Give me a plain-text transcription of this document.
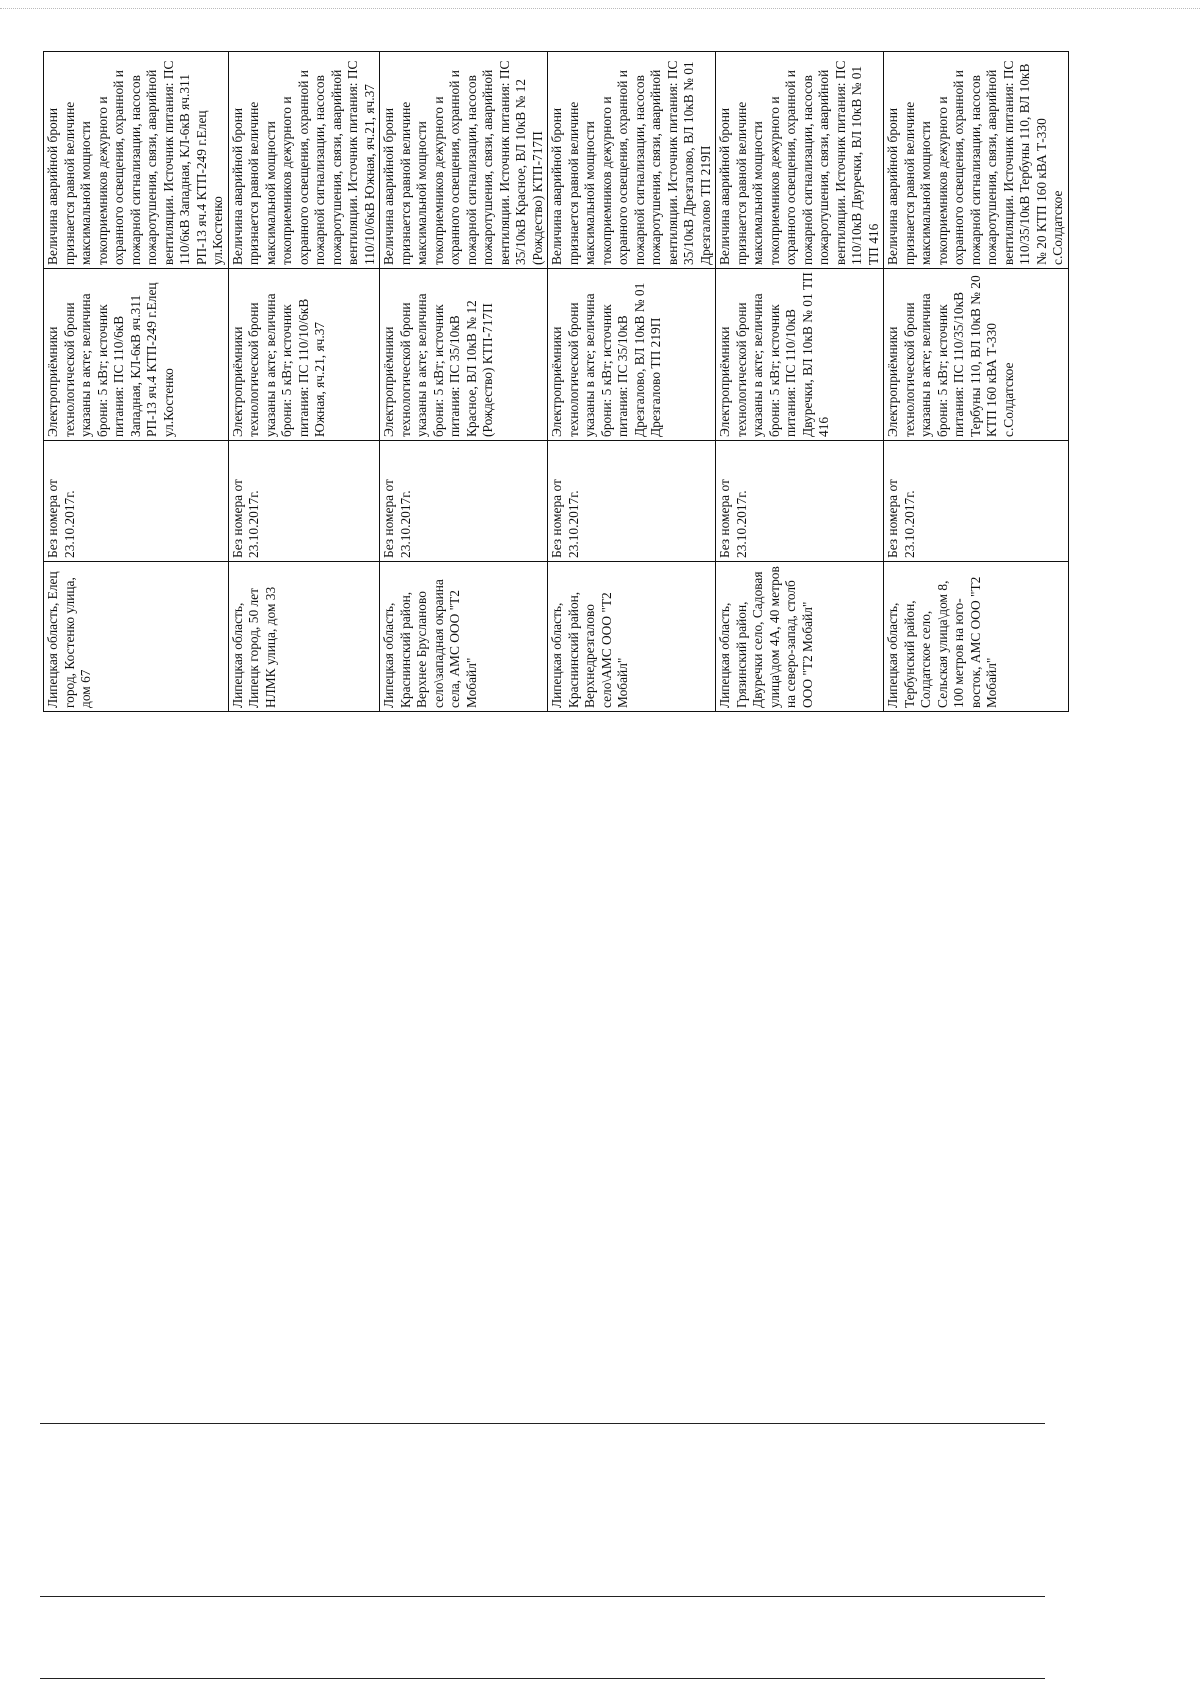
Липецкая область, Елец город, Костенко улица, дом 67	Без номера от 23.10.2017г.	Электроприёмники технологической брони указаны в акте; величина брони: 5 кВт; источник питания: ПС 110/6кВ Западная, КЛ-6кВ яч.311 РП-13 яч.4 КТП-249 г.Елец ул.Костенко	Величина аварийной брони признается равной величине максимальной мощности токоприемников дежурного и охранного освещения, охранной и пожарной сигнализации, насосов пожаротушения, связи, аварийной вентиляции. Источник питания: ПС 110/6кВ Западная, КЛ-6кВ яч.311 РП-13 яч.4 КТП-249 г.Елец ул.Костенко
Липецкая область, Липецк город, 50 лет НЛМК улица, дом 33	Без номера от 23.10.2017г.	Электроприёмники технологической брони указаны в акте; величина брони: 5 кВт; источник питания: ПС 110/10/6кВ Южная, яч.21, яч.37	Величина аварийной брони признается равной величине максимальной мощности токоприемников дежурного и охранного освещения, охранной и пожарной сигнализации, насосов пожаротушения, связи, аварийной вентиляции. Источник питания: ПС 110/10/6кВ Южная, яч.21, яч.37
Липецкая область, Краснинский район, Верхнее Брусланово село\западная окраина села, АМС ООО "Т2 Мобайл"	Без номера от 23.10.2017г.	Электроприёмники технологической брони указаны в акте; величина брони: 5 кВт; источник питания: ПС 35/10кВ Красное, ВЛ 10кВ № 12 (Рождество) КТП-717П	Величина аварийной брони признается равной величине максимальной мощности токоприемников дежурного и охранного освещения, охранной и пожарной сигнализации, насосов пожаротушения, связи, аварийной вентиляции. Источник питания: ПС 35/10кВ Красное, ВЛ 10кВ № 12 (Рождество) КТП-717П
Липецкая область, Краснинский район, Верхнедрезгалово село\АМС ООО "Т2 Мобайл"	Без номера от 23.10.2017г.	Электроприёмники технологической брони указаны в акте; величина брони: 5 кВт; источник питания: ПС 35/10кВ Дрезгалово, ВЛ 10кВ № 01 Дрезгалово ТП 219П	Величина аварийной брони признается равной величине максимальной мощности токоприемников дежурного и охранного освещения, охранной и пожарной сигнализации, насосов пожаротушения, связи, аварийной вентиляции. Источник питания: ПС 35/10кВ Дрезгалово, ВЛ 10кВ № 01 Дрезгалово ТП 219П
Липецкая область, Грязинский район, Двуречки село, Садовая улица\дом 4А, 40 метров на северо-запад, столб ООО "Т2 Мобайл"	Без номера от 23.10.2017г.	Электроприёмники технологической брони указаны в акте; величина брони: 5 кВт; источник питания: ПС 110/10кВ Двуречки, ВЛ 10кВ № 01 ТП 416	Величина аварийной брони признается равной величине максимальной мощности токоприемников дежурного и охранного освещения, охранной и пожарной сигнализации, насосов пожаротушения, связи, аварийной вентиляции. Источник питания: ПС 110/10кВ Двуречки, ВЛ 10кВ № 01 ТП 416
Липецкая область, Тербунский район, Солдатское село, Сельская улица\дом 8, 100 метров на юго-восток, АМС ООО "Т2 Мобайл"	Без номера от 23.10.2017г.	Электроприёмники технологической брони указаны в акте; величина брони: 5 кВт; источник питания: ПС 110/35/10кВ Тербуны 110, ВЛ 10кВ № 20 КТП 160 кВА Т-330 с.Солдатское	Величина аварийной брони признается равной величине максимальной мощности токоприемников дежурного и охранного освещения, охранной и пожарной сигнализации, насосов пожаротушения, связи, аварийной вентиляции. Источник питания: ПС 110/35/10кВ Тербуны 110, ВЛ 10кВ № 20 КТП 160 кВА Т-330 с.Солдатское
